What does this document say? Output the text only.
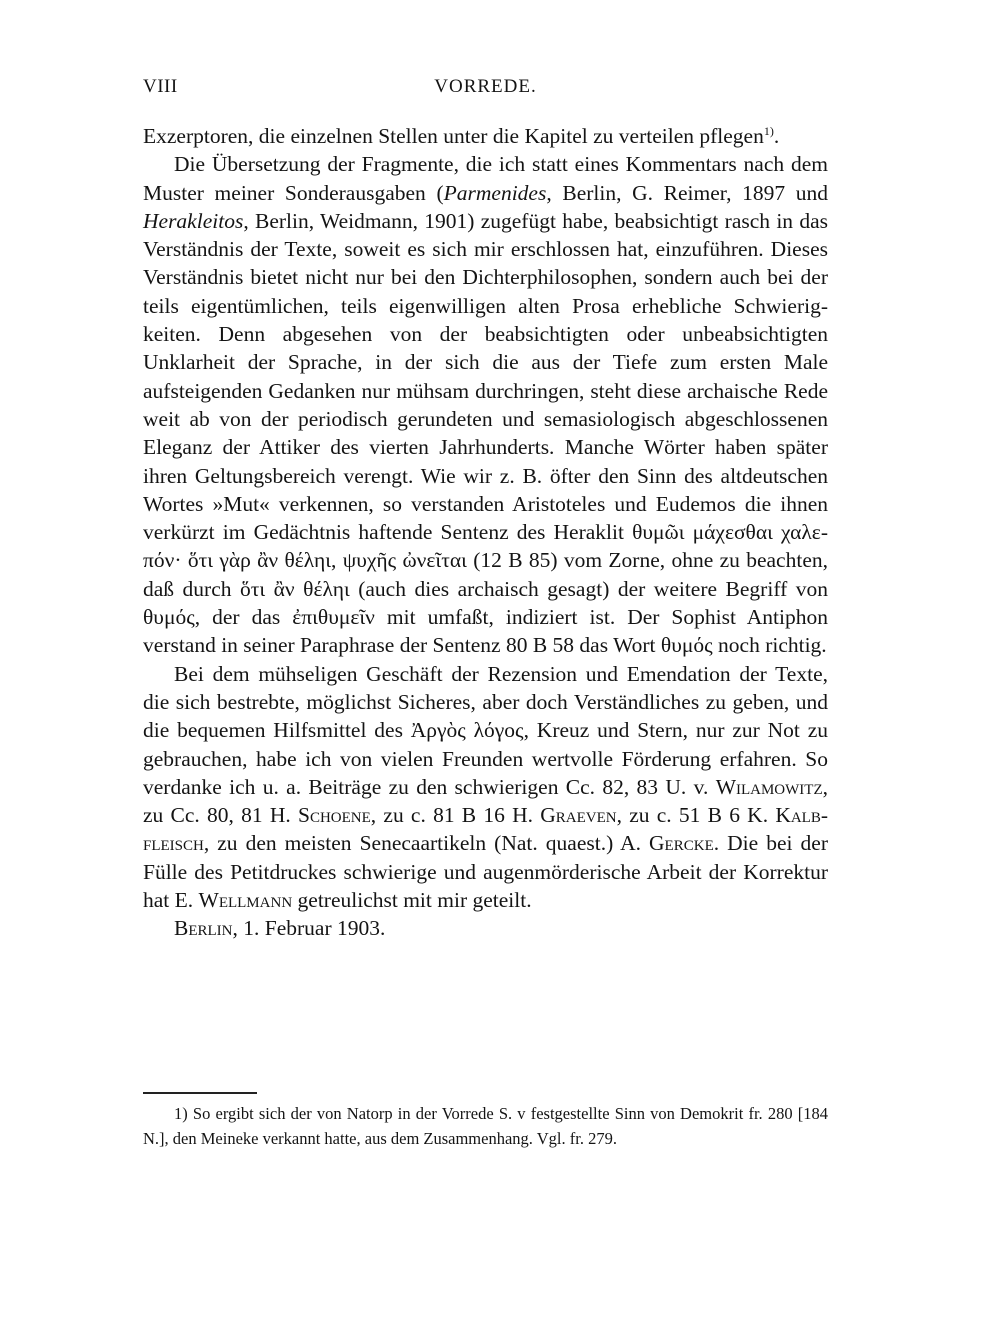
VIII	VORREDE.

Exzerptoren, die einzelnen Stellen unter die Kapitel zu verteilen pflegen$^{1)}$.

Die Übersetzung der Fragmente, die ich statt eines Kommentars nach dem Muster meiner Sonderausgaben (Parmenides, Berlin, G. Reimer, 1897 und Herakleitos, Berlin, Weidmann, 1901) zugefügt habe, beabsichtigt rasch in das Verständnis der Texte, soweit es sich mir erschlossen hat, einzuführen. Dieses Verständnis bietet nicht nur bei den Dichterphilosophen, sondern auch bei der teils eigentümlichen, teils eigenwilligen alten Prosa erhebliche Schwierigkeiten. Denn abgesehen von der beabsichtigten oder unbeabsichtigten Unklarheit der Sprache, in der sich die aus der Tiefe zum ersten Male aufsteigenden Gedanken nur mühsam durchringen, steht diese archaische Rede weit ab von der periodisch gerundeten und semasiologisch abgeschlossenen Eleganz der Attiker des vierten Jahrhunderts. Manche Wörter haben später ihren Geltungsbereich verengt. Wie wir z. B. öfter den Sinn des altdeutschen Wortes »Mut« verkennen, so verstanden Aristoteles und Eudemos die ihnen verkürzt im Gedächtnis haftende Sentenz des Heraklit θυμῶι μάχεσθαι χαλεπόν· ὅτι γὰρ ἂν θέληι, ψυχῆς ὠνεῖται (12 B 85) vom Zorne, ohne zu beachten, daß durch ὅτι ἂν θέληι (auch dies archaisch gesagt) der weitere Begriff von θυμός, der das ἐπιθυμεῖν mit umfaßt, indiziert ist. Der Sophist Antiphon verstand in seiner Paraphrase der Sentenz 80 B 58 das Wort θυμός noch richtig.

Bei dem mühseligen Geschäft der Rezension und Emendation der Texte, die sich bestrebte, möglichst Sicheres, aber doch Verständliches zu geben, und die bequemen Hilfsmittel des Ἀργὸς λόγος, Kreuz und Stern, nur zur Not zu gebrauchen, habe ich von vielen Freunden wertvolle Förderung erfahren. So verdanke ich u. a. Beiträge zu den schwierigen Cc. 82, 83 U. v. Wilamowitz, zu Cc. 80, 81 H. Schoene, zu c. 81 B 16 H. Graeven, zu c. 51 B 6 K. Kalbfleisch, zu den meisten Senecaartikeln (Nat. quaest.) A. Gercke. Die bei der Fülle des Petitdruckes schwierige und augenmörderische Arbeit der Korrektur hat E. Wellmann getreulichst mit mir geteilt.

Berlin, 1. Februar 1903.

1) So ergibt sich der von Natorp in der Vorrede S. v festgestellte Sinn von Demokrit fr. 280 [184 N.], den Meineke verkannt hatte, aus dem Zusammenhang. Vgl. fr. 279.
